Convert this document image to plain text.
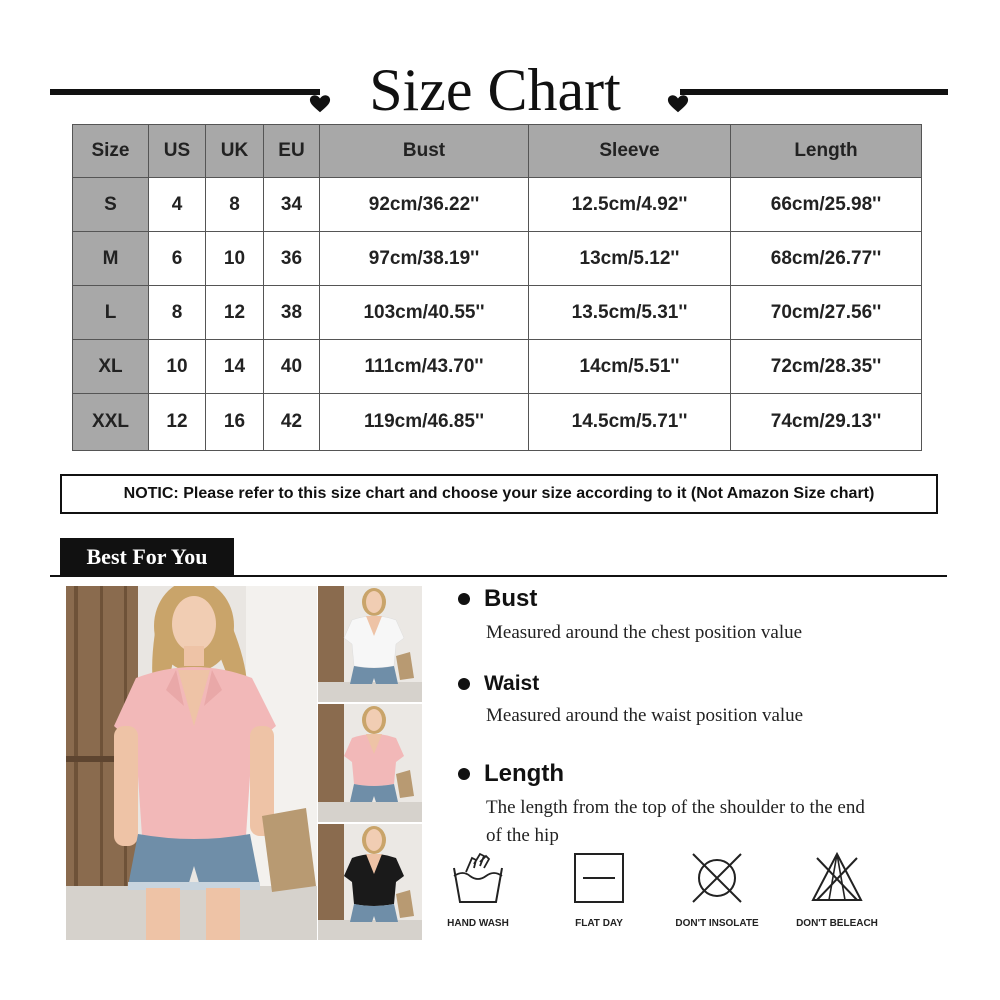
Size Chart
Size	US	UK	EU	Bust	Sleeve	Length
S	4	8	34	92cm/36.22''	12.5cm/4.92''	66cm/25.98''
M	6	10	36	97cm/38.19''	13cm/5.12''	68cm/26.77''
L	8	12	38	103cm/40.55''	13.5cm/5.31''	70cm/27.56''
XL	10	14	40	111cm/43.70''	14cm/5.51''	72cm/28.35''
XXL	12	16	42	119cm/46.85''	14.5cm/5.71''	74cm/29.13''
NOTIC: Please refer to this size chart and choose your size according to it (Not Amazon Size chart)
Best For You
Bust
Measured around the chest position value
Waist
Measured around the waist position value
Length
The length from the top of the shoulder to the end of the hip
HAND WASH	FLAT DAY	DON'T INSOLATE	DON'T BELEACH
